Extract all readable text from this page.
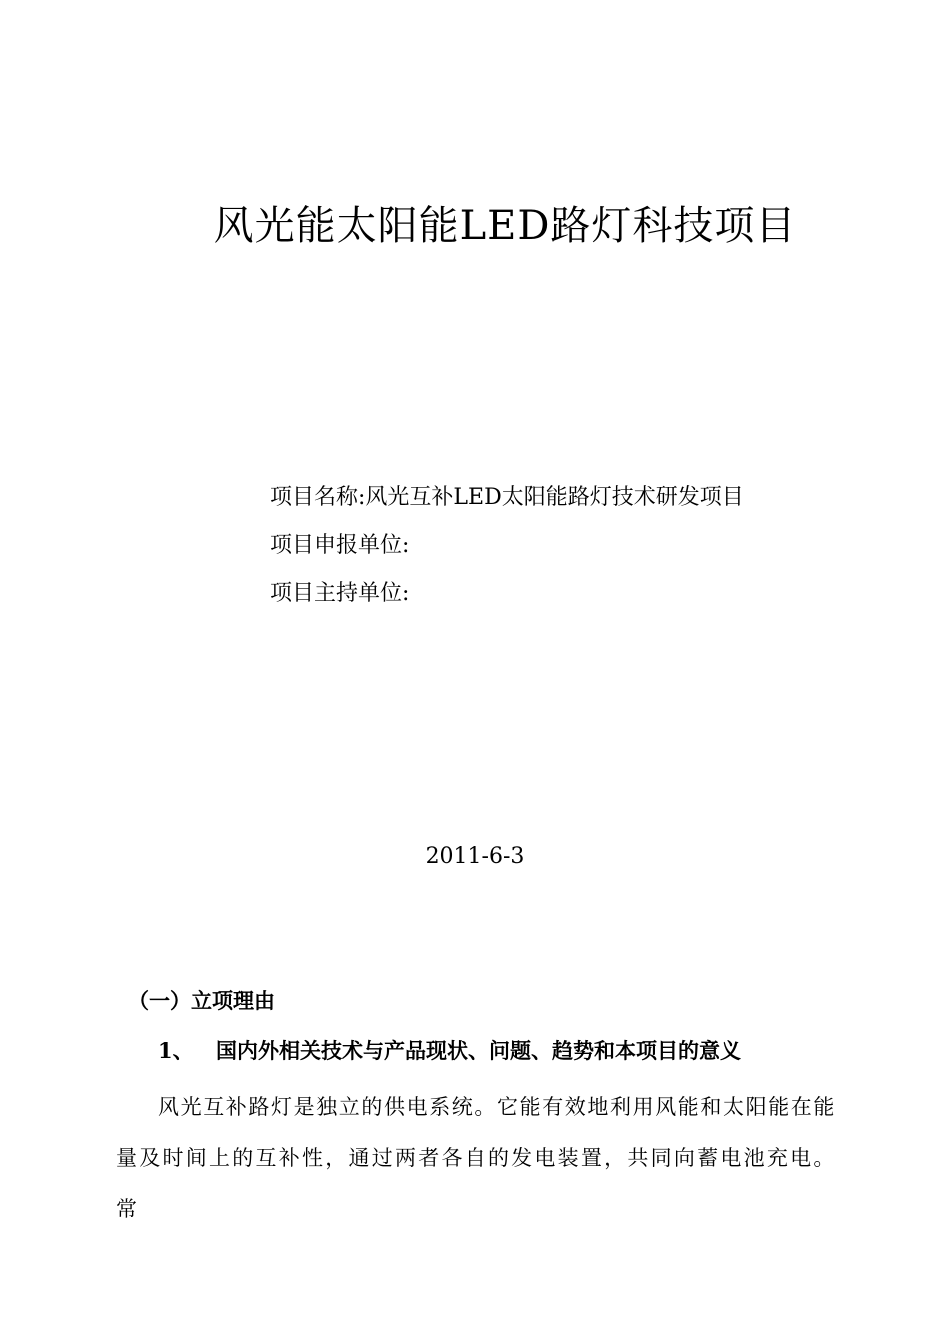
风光能太阳能LED路灯科技项目
项目名称:风光互补LED太阳能路灯技术研发项目
项目申报单位:
项目主持单位:
2011-6-3
（一）立项理由
1、 国内外相关技术与产品现状、问题、趋势和本项目的意义
风光互补路灯是独立的供电系统。它能有效地利用风能和太阳能在能量及时间上的互补性，通过两者各自的发电装置，共同向蓄电池充电。常
